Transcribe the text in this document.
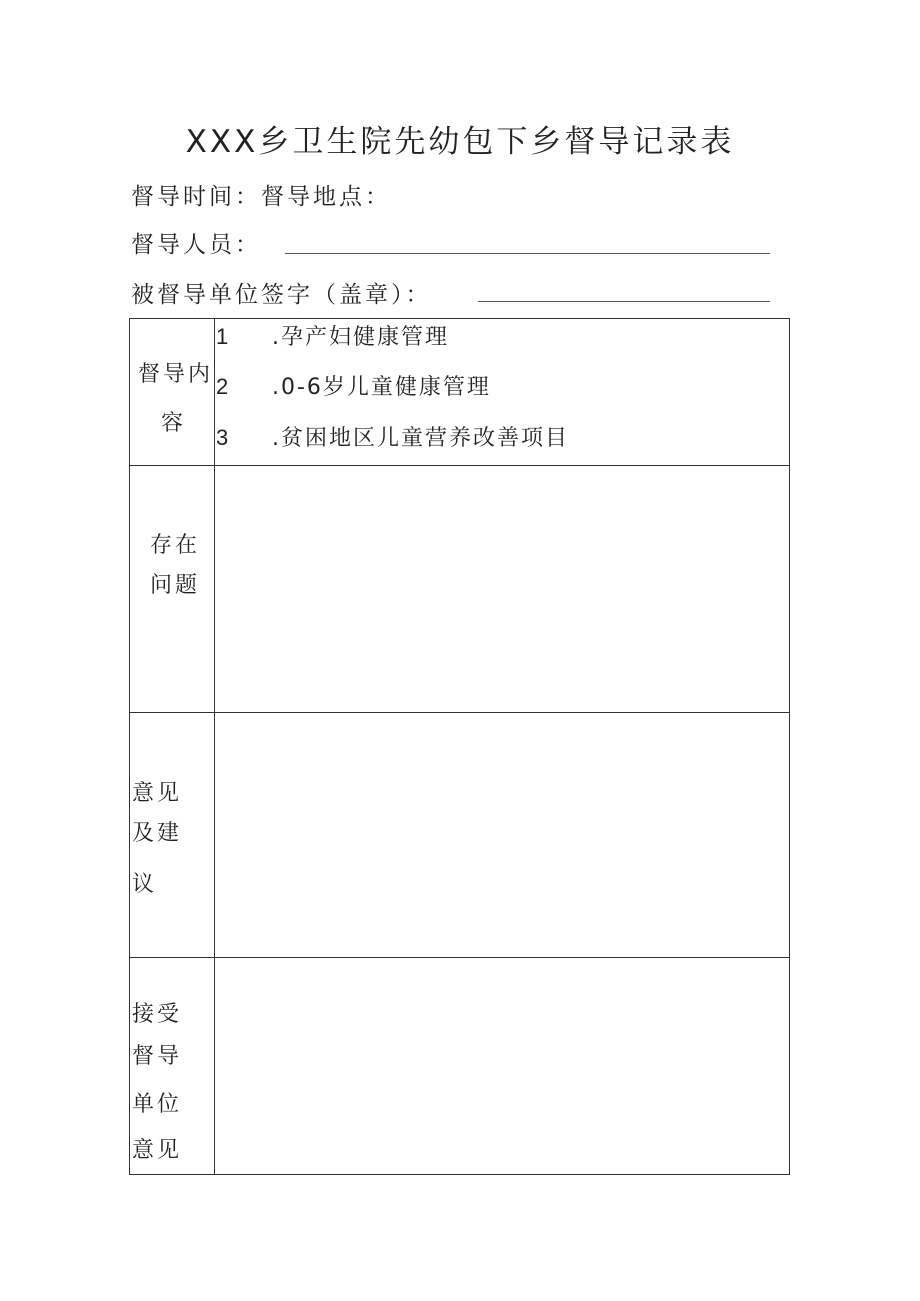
XXX乡卫生院先幼包下乡督导记录表
督导时间：督导地点：
督导人员：
被督导单位签字（盖章）：
督导内
容
1 .孕产妇健康管理
2 .0-6岁儿童健康管理
3 .贫困地区儿童营养改善项目
存在
问题
意见
及建
议
接受
督导
单位
意见
